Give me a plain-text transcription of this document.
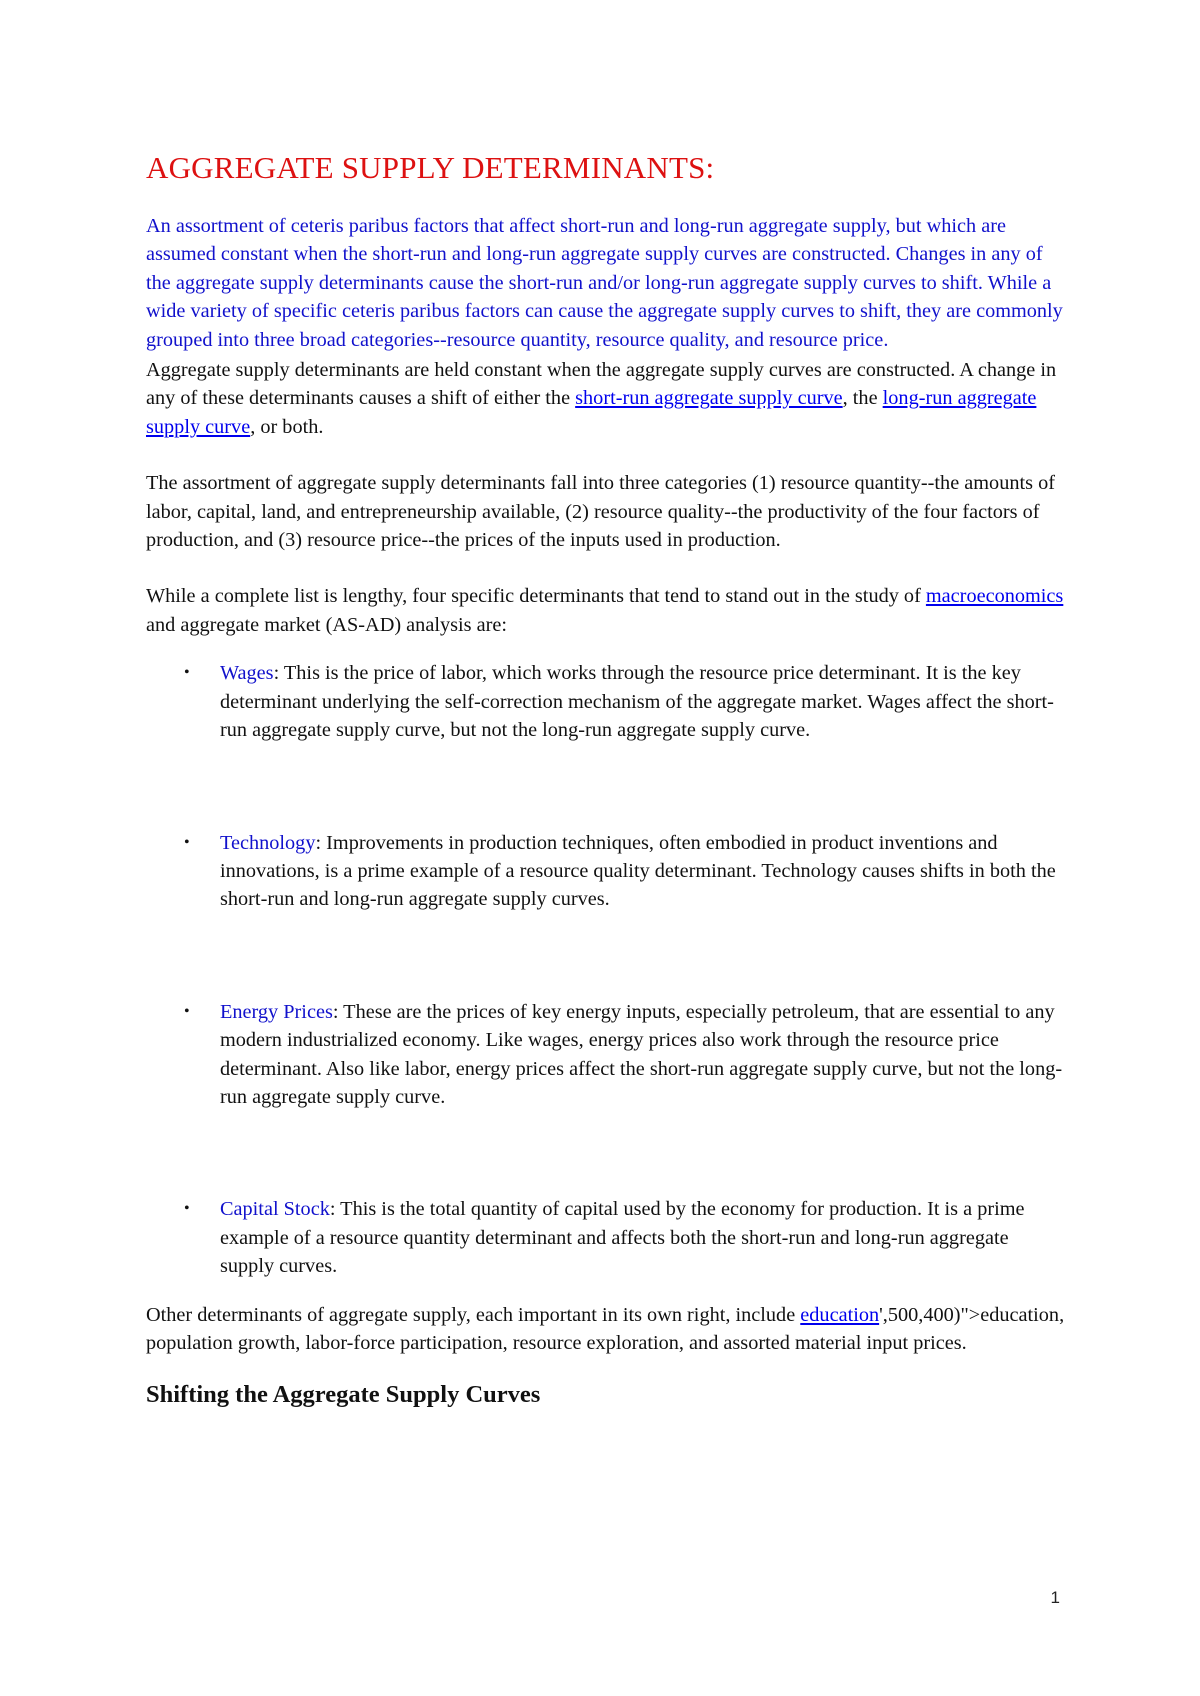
AGGREGATE SUPPLY DETERMINANTS:

An assortment of ceteris paribus factors that affect short-run and long-run aggregate supply, but which are assumed constant when the short-run and long-run aggregate supply curves are constructed. Changes in any of the aggregate supply determinants cause the short-run and/or long-run aggregate supply curves to shift. While a wide variety of specific ceteris paribus factors can cause the aggregate supply curves to shift, they are commonly grouped into three broad categories--resource quantity, resource quality, and resource price.

Aggregate supply determinants are held constant when the aggregate supply curves are constructed. A change in any of these determinants causes a shift of either the short-run aggregate supply curve, the long-run aggregate supply curve, or both.

The assortment of aggregate supply determinants fall into three categories (1) resource quantity--the amounts of labor, capital, land, and entrepreneurship available, (2) resource quality--the productivity of the four factors of production, and (3) resource price--the prices of the inputs used in production.

While a complete list is lengthy, four specific determinants that tend to stand out in the study of macroeconomics and aggregate market (AS-AD) analysis are:

• Wages: This is the price of labor, which works through the resource price determinant. It is the key determinant underlying the self-correction mechanism of the aggregate market. Wages affect the short-run aggregate supply curve, but not the long-run aggregate supply curve.
• Technology: Improvements in production techniques, often embodied in product inventions and innovations, is a prime example of a resource quality determinant. Technology causes shifts in both the short-run and long-run aggregate supply curves.
• Energy Prices: These are the prices of key energy inputs, especially petroleum, that are essential to any modern industrialized economy. Like wages, energy prices also work through the resource price determinant. Also like labor, energy prices affect the short-run aggregate supply curve, but not the long-run aggregate supply curve.
• Capital Stock: This is the total quantity of capital used by the economy for production. It is a prime example of a resource quantity determinant and affects both the short-run and long-run aggregate supply curves.

Other determinants of aggregate supply, each important in its own right, include education',500,400)">education, population growth, labor-force participation, resource exploration, and assorted material input prices.

Shifting the Aggregate Supply Curves
1
